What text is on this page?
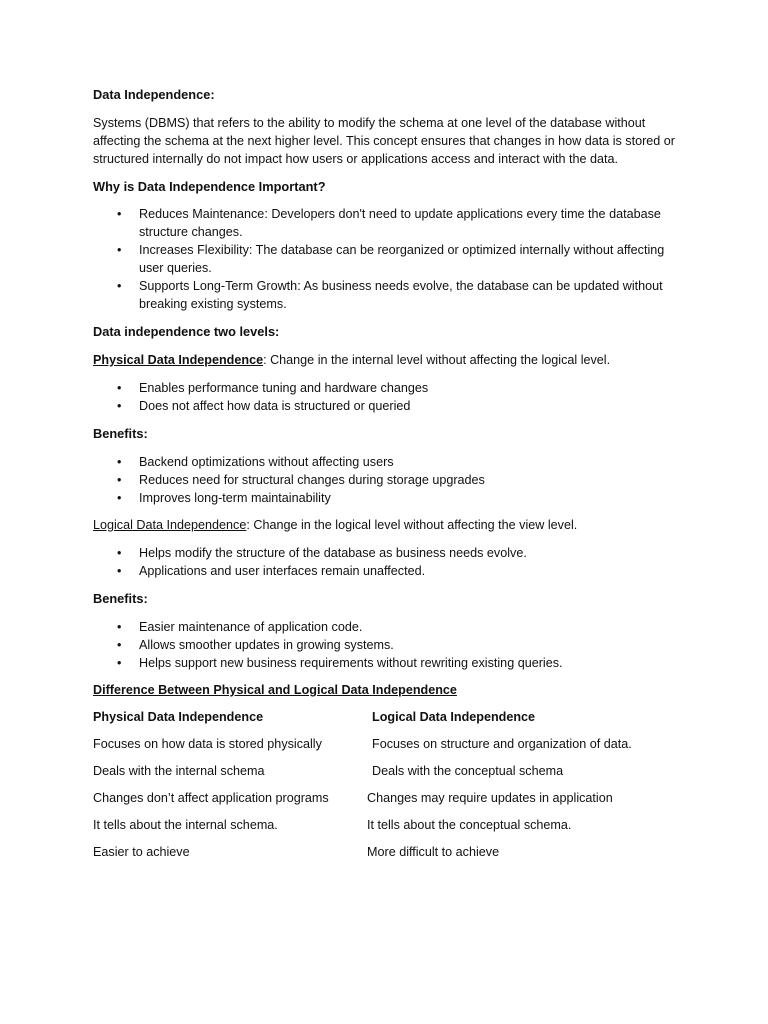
Data Independence:
Systems (DBMS) that refers to the ability to modify the schema at one level of the database without affecting the schema at the next higher level. This concept ensures that changes in how data is stored or structured internally do not impact how users or applications access and interact with the data.
Why is Data Independence Important?
• Reduces Maintenance: Developers don't need to update applications every time the database structure changes.
• Increases Flexibility: The database can be reorganized or optimized internally without affecting user queries.
• Supports Long-Term Growth: As business needs evolve, the database can be updated without breaking existing systems.
Data independence two levels:
Physical Data Independence: Change in the internal level without affecting the logical level.
• Enables performance tuning and hardware changes
• Does not affect how data is structured or queried
Benefits:
• Backend optimizations without affecting users
• Reduces need for structural changes during storage upgrades
• Improves long-term maintainability
Logical Data Independence: Change in the logical level without affecting the view level.
• Helps modify the structure of the database as business needs evolve.
• Applications and user interfaces remain unaffected.
Benefits:
• Easier maintenance of application code.
• Allows smoother updates in growing systems.
• Helps support new business requirements without rewriting existing queries.
Difference Between Physical and Logical Data Independence
Physical Data Independence	Logical Data Independence
Focuses on how data is stored physically	Focuses on structure and organization of data.
Deals with the internal schema	Deals with the conceptual schema
Changes don’t affect application programs	Changes may require updates in application
It tells about the internal schema.	It tells about the conceptual schema.
Easier to achieve	More difficult to achieve
